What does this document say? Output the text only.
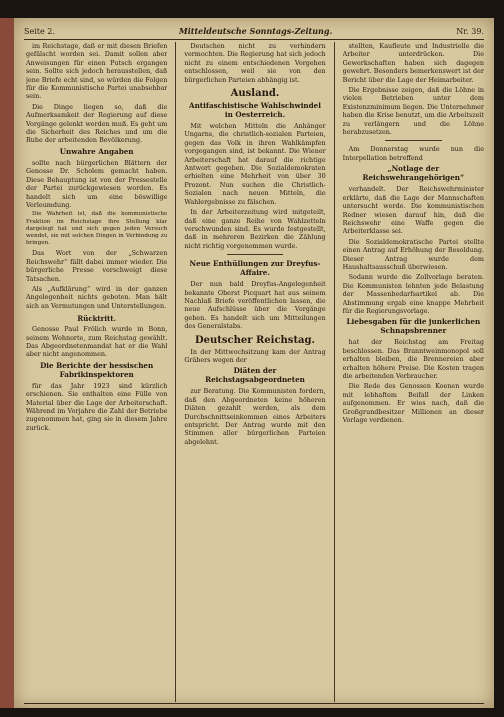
Seite 2.	Mitteldeutsche Sonntags-Zeitung.	Nr. 39.

im Reichstage, daß er mit diesen Briefen gefälscht worden sei. Damit sollen aber Anweisungen für einen Putsch ergangen sein. Sollte sich jedoch herausstellen, daß jene Briefe echt sind, so würden die Folgen für die Kommunistische Partei unabsehbar sein.

Die Dinge liegen so, daß die Aufmerksamkeit der Regierung auf diese Vorgänge gelenkt werden muß. Es geht um die Sicherheit des Reiches und um die Ruhe der arbeitenden Bevölkerung.

Unwahre Angaben

sollte nach bürgerlichen Blättern der Genosse Dr. Scholem gemacht haben. Diese Behauptung ist von der Pressestelle der Partei zurückgewiesen worden. Es handelt sich um eine böswillige Verleumdung.

Die Wahrheit ist, daß die kommunistische Fraktion im Reichstage ihre Stellung klar dargelegt hat und sich gegen jeden Versuch wendet, sie mit solchen Dingen in Verbindung zu bringen.

Das Wort von der „Schwarzen Reichswehr“ fällt dabei immer wieder. Die bürgerliche Presse verschweigt diese Tatsachen.

Als „Aufklärung“ wird in der ganzen Angelegenheit nichts geboten. Man hält sich an Vermutungen und Unterstellungen.

Rücktritt.

Genosse Paul Frölich wurde in Bonn, seinem Wohnorte, zum Reichstag gewählt. Das Abgeordnetenmandat hat er die Wahl aber nicht angenommen.

Die Berichte der hessischen Fabrikinspektoren

für das Jahr 1923 sind kürzlich erschienen. Sie enthalten eine Fülle von Material über die Lage der Arbeiterschaft. Während im Vorjahre die Zahl der Betriebe zugenommen hat, ging sie in diesem Jahre zurück.

Deutschen nicht zu verhindern vermochten. Die Regierung hat sich jedoch nicht zu einem entschiedenen Vorgehen entschlossen, weil sie von den bürgerlichen Parteien abhängig ist.

Ausland.
Antifaschistische Wahlschwindel in Oesterreich.

Mit welchen Mitteln die Anhänger Ungarns, die christlich-sozialen Parteien, gegen das Volk in ihren Wahlkämpfen vorgegangen sind, ist bekannt. Die Wiener Arbeiterschaft hat darauf die richtige Antwort gegeben. Die Sozialdemokraten erhielten eine Mehrheit von über 30 Prozent. Nun suchen die Christlich-Sozialen nach neuen Mitteln, die Wahlergebnisse zu fälschen.

In der Arbeiterzeitung wird mitgeteilt, daß eine ganze Reihe von Wahlzetteln verschwunden sind. Es wurde festgestellt, daß in mehreren Bezirken die Zählung nicht richtig vorgenommen wurde.

Neue Enthüllungen zur Dreyfus-Affaire.

Der nun bald Dreyfus-Angelegenheit bekannte Oberst Picquart hat aus seinem Nachlaß Briefe veröffentlichen lassen, die neue Aufschlüsse über die Vorgänge geben. Es handelt sich um Mitteilungen des Generalstabs.

Deutscher Reichstag.

In der Mittwochsitzung kam der Antrag Gräbers wegen der

Diäten der Reichstagsabgeordneten

zur Beratung. Die Kommunisten fordern, daß den Abgeordneten keine höheren Diäten gezahlt werden, als dem Durchschnittseinkommen eines Arbeiters entspricht. Der Antrag wurde mit den Stimmen aller bürgerlichen Parteien abgelehnt.

stellten, Kaufleute und Industrielle die Arbeiter unterdrücken. Die Gewerkschaften haben sich dagegen gewehrt. Besonders bemerkenswert ist der Bericht über die Lage der Heimarbeiter.

Die Ergebnisse zeigen, daß die Löhne in vielen Betrieben unter dem Existenzminimum liegen. Die Unternehmer haben die Krise benutzt, um die Arbeitszeit zu verlängern und die Löhne herabzusetzen.

Am Donnerstag wurde nun die Interpellation betreffend

„Notlage der Reichswehrangehörigen“

verhandelt. Der Reichswehrminister erklärte, daß die Lage der Mannschaften untersucht werde. Die kommunistischen Redner wiesen darauf hin, daß die Reichswehr eine Waffe gegen die Arbeiterklasse sei.

Die Sozialdemokratische Partei stellte einen Antrag auf Erhöhung der Besoldung. Dieser Antrag wurde dem Haushaltsausschuß überwiesen.

Sodann wurde die Zollvorlage beraten. Die Kommunisten lehnten jede Belastung der Massenbedarfsartikel ab. Die Abstimmung ergab eine knappe Mehrheit für die Regierungsvorlage.

Liebesgaben für die junkerlichen Schnapsbrenner

hat der Reichstag am Freitag beschlossen. Das Branntweinmonopol soll erhalten bleiben, die Brennereien aber erhalten höhere Preise. Die Kosten tragen die arbeitenden Verbraucher.

Die Rede des Genossen Koenen wurde mit lebhaftem Beifall der Linken aufgenommen. Er wies nach, daß die Großgrundbesitzer Millionen an dieser Vorlage verdienen.
